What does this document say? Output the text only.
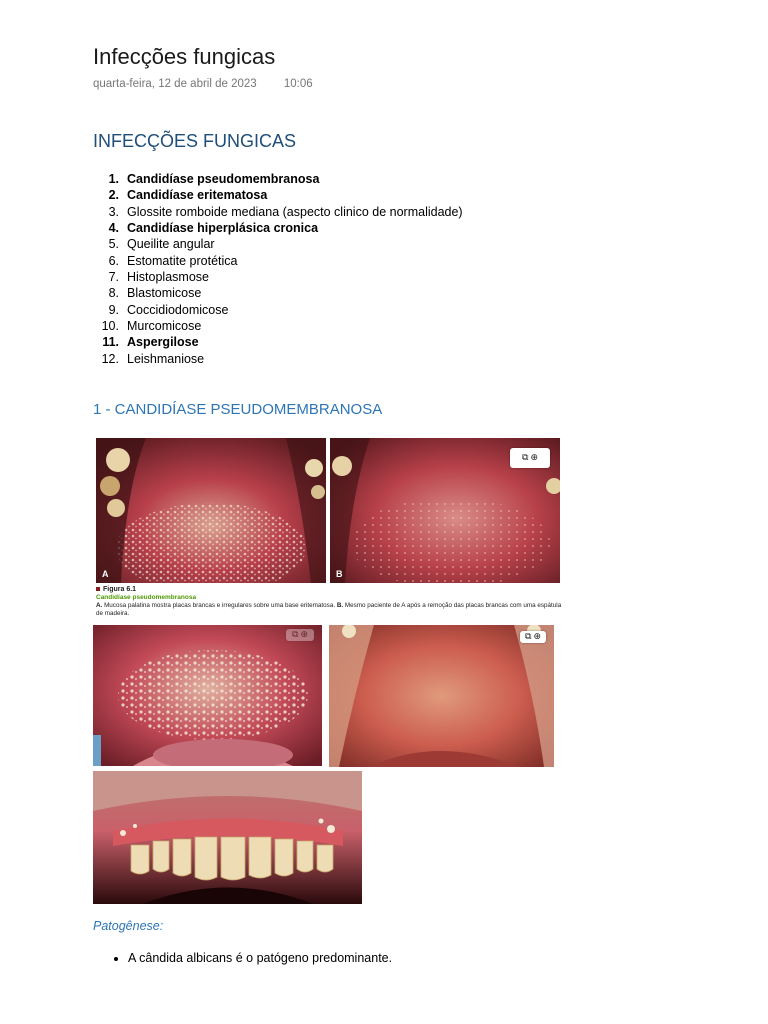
Infecções fungicas
quarta-feira, 12 de abril de 2023 10:06
INFECÇÕES FUNGICAS
1. Candidíase pseudomembranosa
2. Candidíase eritematosa
3. Glossite romboide mediana (aspecto clinico de normalidade)
4. Candidíase hiperplásica cronica
5. Queilite angular
6. Estomatite protética
7. Histoplasmose
8. Blastomicose
9. Coccidiodomicose
10. Murcomicose
11. Aspergilose
12. Leishmaniose
1 - CANDIDÍASE PSEUDOMEMBRANOSA
A	B
⧉ ⊕
Figura 6.1
Candidíase pseudomembranosa
A. Mucosa palatina mostra placas brancas e irregulares sobre uma base eritematosa. B. Mesmo paciente de A após a remoção das placas brancas com uma espátula de madeira.
⧉ ⊕	⧉ ⊕

Patogênese:

• A cândida albicans é o patógeno predominante.
